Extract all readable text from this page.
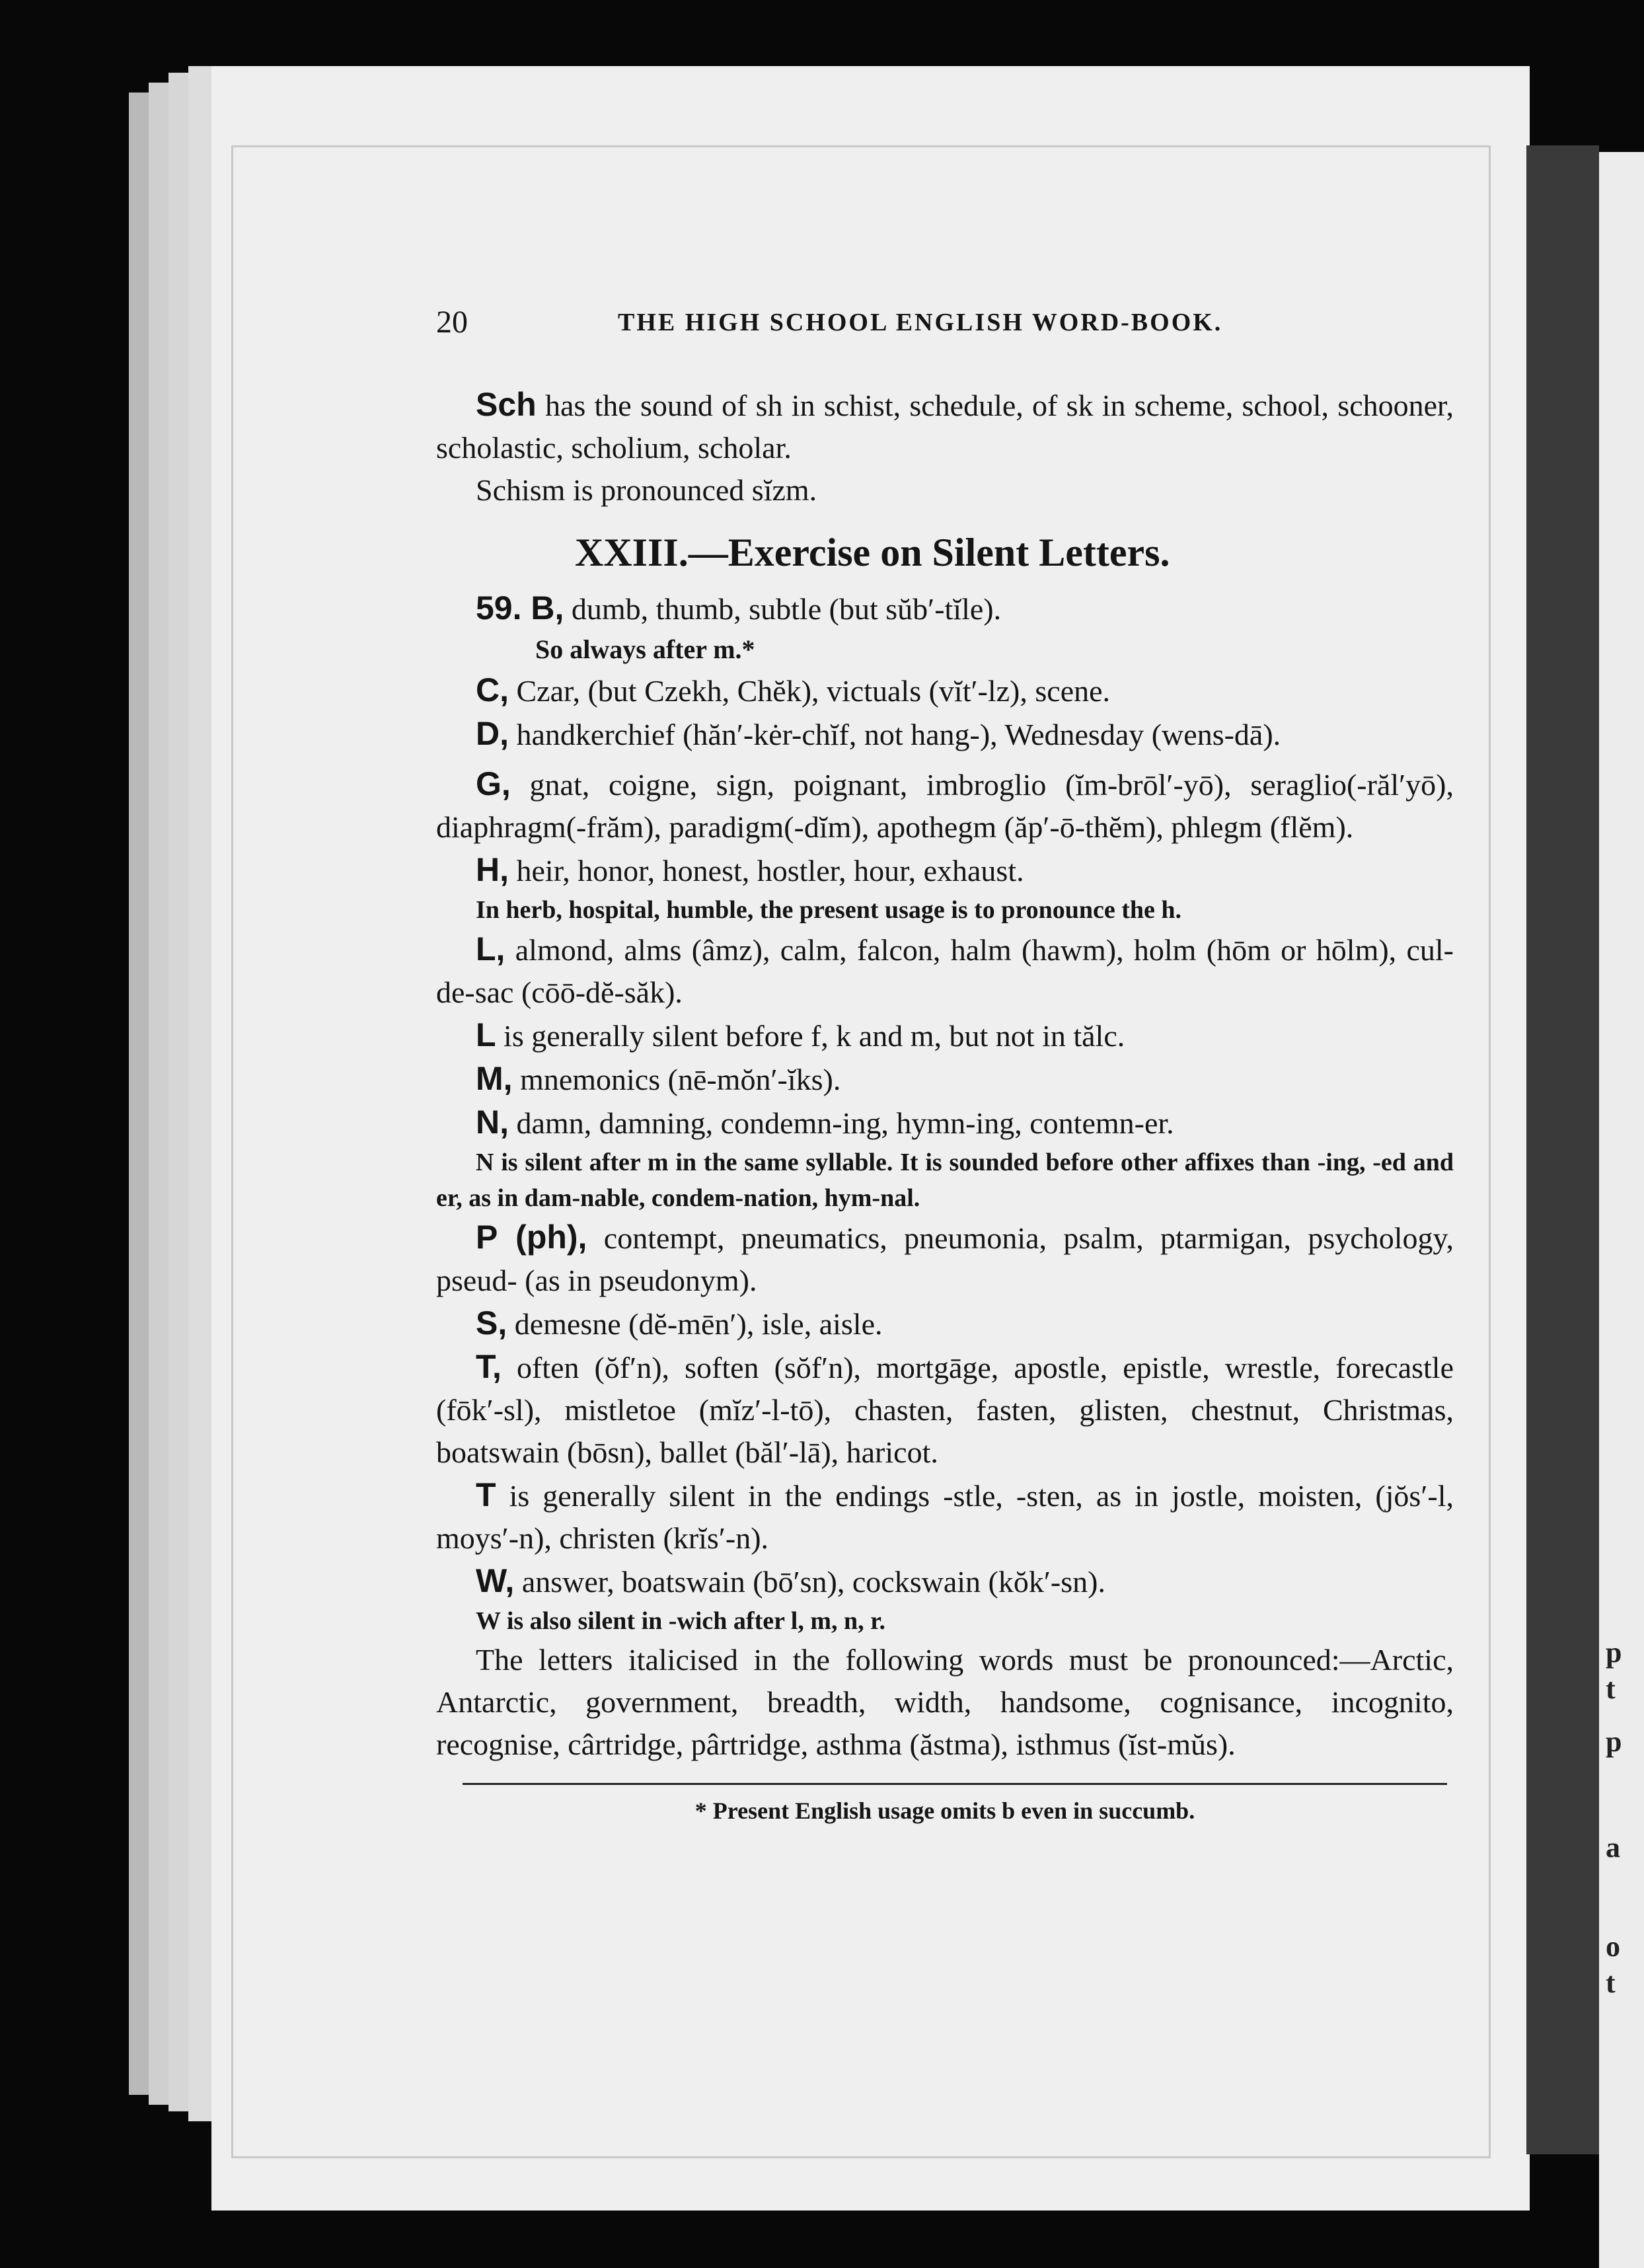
p
t
p
a
o
t
20	THE HIGH SCHOOL ENGLISH WORD-BOOK.

Sch has the sound of sh in schist, schedule, of sk in scheme, school, schooner, scholastic, scholium, scholar.

Schism is pronounced sĭzm.

XXIII.—Exercise on Silent Letters.

59. B, dumb, thumb, subtle (but sŭb′-tĭle).

So always after m.*

C, Czar, (but Czekh, Chĕk), victuals (vĭt′-lz), scene.

D, handkerchief (hăn′-kėr-chĭf, not hang-), Wednesday (wens-dā).

G, gnat, coigne, sign, poignant, imbroglio (ĭm-brōl′-yō), seraglio(-răl′yō), diaphragm(-frăm), paradigm(-dĭm), apothegm (ăp′-ō-thĕm), phlegm (flĕm).

H, heir, honor, honest, hostler, hour, exhaust.

In herb, hospital, humble, the present usage is to pronounce the h.

L, almond, alms (âmz), calm, falcon, halm (hawm), holm (hōm or hōlm), cul-de-sac (cōō-dĕ-săk).

L is generally silent before f, k and m, but not in tălc.

M, mnemonics (nē-mŏn′-ĭks).

N, damn, damning, condemn-ing, hymn-ing, contemn-er.

N is silent after m in the same syllable. It is sounded before other affixes than -ing, -ed and er, as in dam-nable, condem-nation, hym-nal.

P (ph), contempt, pneumatics, pneumonia, psalm, ptarmigan, psychology, pseud- (as in pseudonym).

S, demesne (dĕ-mēn′), isle, aisle.

T, often (ŏf′n), soften (sŏf′n), mortgāge, apostle, epistle, wrestle, forecastle (fōk′-sl), mistletoe (mĭz′-l-tō), chasten, fasten, glisten, chestnut, Christmas, boatswain (bōsn), ballet (băl′-lā), haricot.

T is generally silent in the endings -stle, -sten, as in jostle, moisten, (jŏs′-l, moys′-n), christen (krĭs′-n).

W, answer, boatswain (bō′sn), cockswain (kŏk′-sn).

W is also silent in -wich after l, m, n, r.

The letters italicised in the following words must be pronounced:—Arctic, Antarctic, government, breadth, width, handsome, cognisance, incognito, recognise, cârtridge, pârtridge, asthma (ăstma), isthmus (ĭst-mŭs).

* Present English usage omits b even in succumb.
